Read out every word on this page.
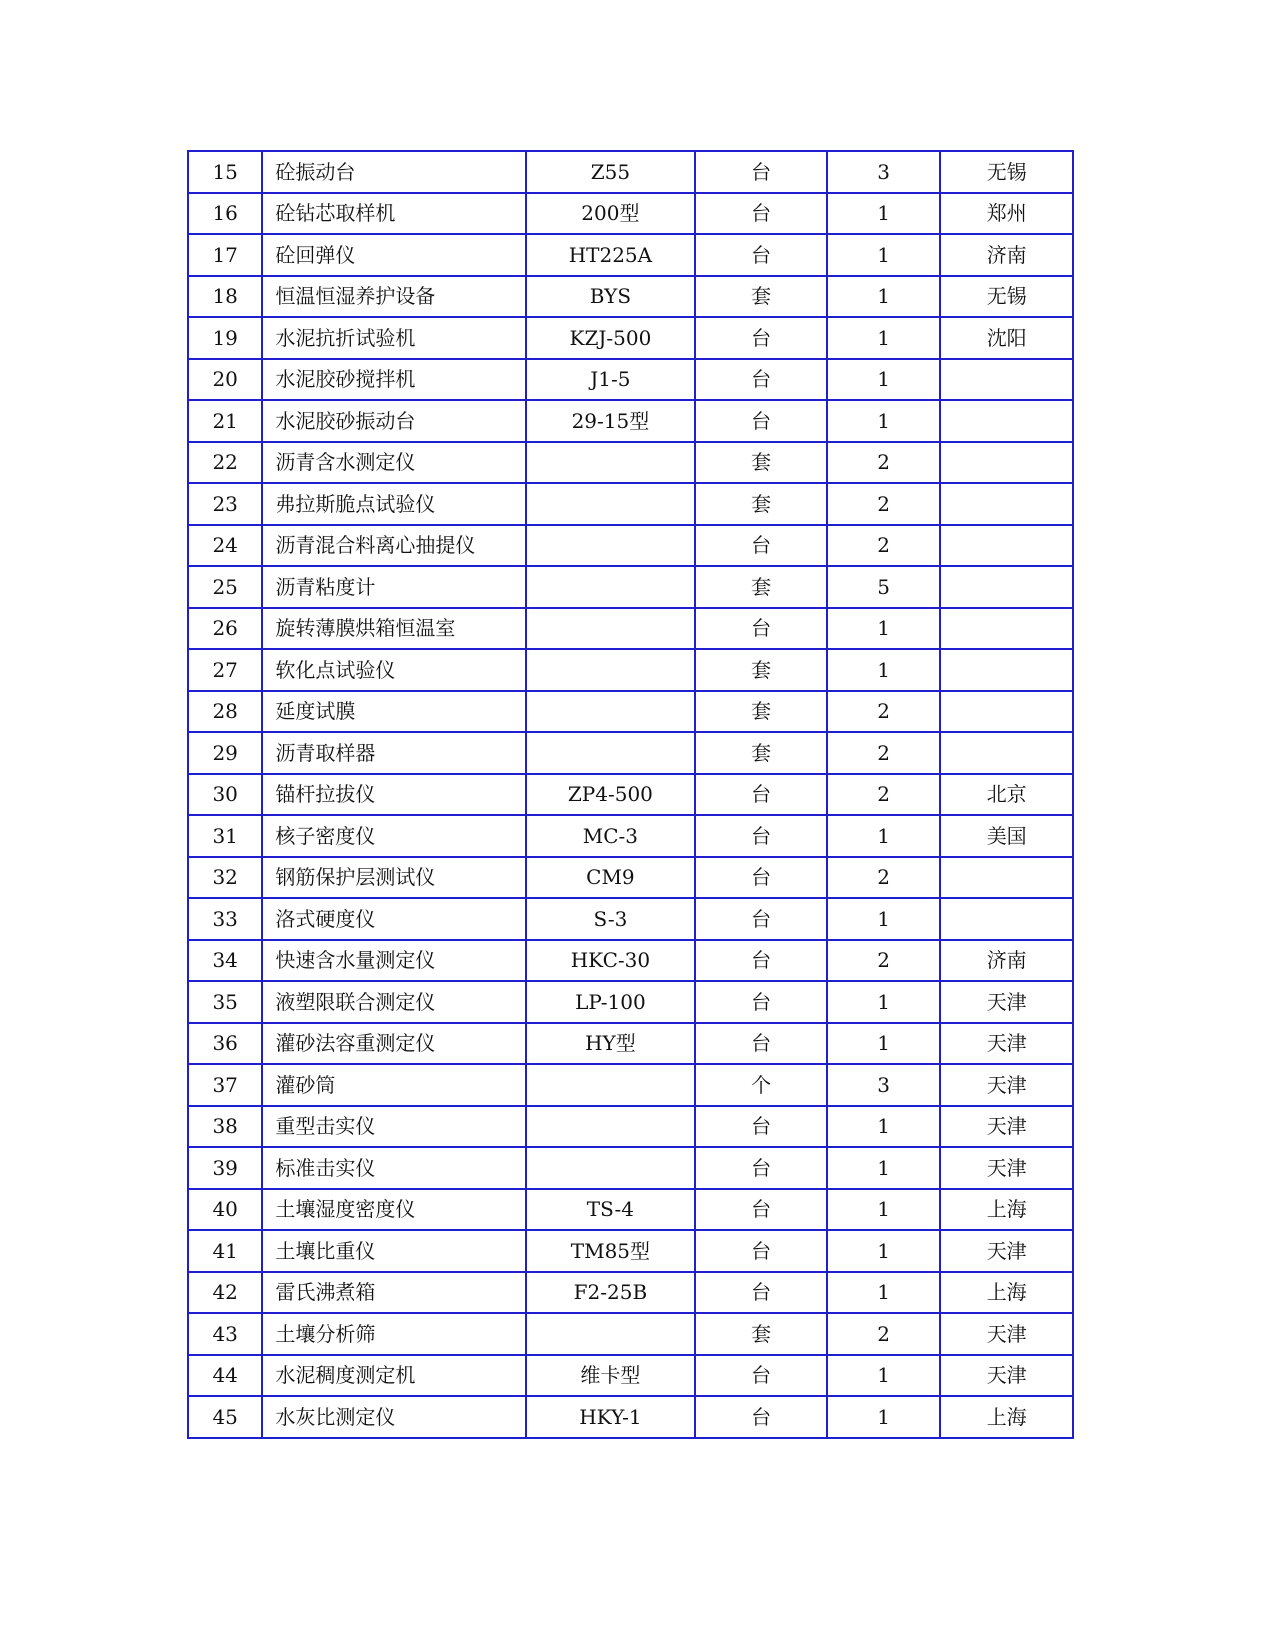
15	砼振动台	Z55	台	3	无锡
16	砼钻芯取样机	200型	台	1	郑州
17	砼回弹仪	HT225A	台	1	济南
18	恒温恒湿养护设备	BYS	套	1	无锡
19	水泥抗折试验机	KZJ-500	台	1	沈阳
20	水泥胶砂搅拌机	J1-5	台	1	
21	水泥胶砂振动台	29-15型	台	1	
22	沥青含水测定仪		套	2	
23	弗拉斯脆点试验仪		套	2	
24	沥青混合料离心抽提仪		台	2	
25	沥青粘度计		套	5	
26	旋转薄膜烘箱恒温室		台	1	
27	软化点试验仪		套	1	
28	延度试膜		套	2	
29	沥青取样器		套	2	
30	锚杆拉拔仪	ZP4-500	台	2	北京
31	核子密度仪	MC-3	台	1	美国
32	钢筋保护层测试仪	CM9	台	2	
33	洛式硬度仪	S-3	台	1	
34	快速含水量测定仪	HKC-30	台	2	济南
35	液塑限联合测定仪	LP-100	台	1	天津
36	灌砂法容重测定仪	HY型	台	1	天津
37	灌砂筒		个	3	天津
38	重型击实仪		台	1	天津
39	标准击实仪		台	1	天津
40	土壤湿度密度仪	TS-4	台	1	上海
41	土壤比重仪	TM85型	台	1	天津
42	雷氏沸煮箱	F2-25B	台	1	上海
43	土壤分析筛		套	2	天津
44	水泥稠度测定机	维卡型	台	1	天津
45	水灰比测定仪	HKY-1	台	1	上海
